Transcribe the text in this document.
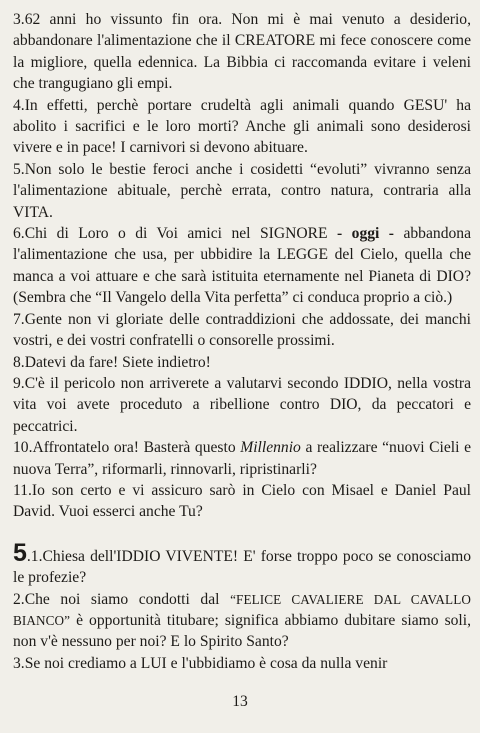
3.62 anni ho vissunto fin ora. Non mi è mai venuto a desiderio, abbandonare l'alimentazione che il CREATORE mi fece conoscere come la migliore, quella edennica. La Bibbia ci raccomanda evitare i veleni che trangugiano gli empi.

4.In effetti, perchè portare crudeltà agli animali quando GESU' ha abolito i sacrifici e le loro morti? Anche gli animali sono desiderosi vivere e in pace! I carnivori si devono abituare.

5.Non solo le bestie feroci anche i cosidetti “evoluti” vivranno senza l'alimentazione abituale, perchè errata, contro natura, contraria alla VITA.

6.Chi di Loro o di Voi amici nel SIGNORE - oggi - abbandona l'alimentazione che usa, per ubbidire la LEGGE del Cielo, quella che manca a voi attuare e che sarà istituita eternamente nel Pianeta di DIO? (Sembra che “Il Vangelo della Vita perfetta” ci conduca proprio a ciò.)

7.Gente non vi gloriate delle contraddizioni che addossate, dei manchi vostri, e dei vostri confratelli o consorelle prossimi.

8.Datevi da fare! Siete indietro!

9.C'è il pericolo non arriverete a valutarvi secondo IDDIO, nella vostra vita voi avete proceduto a ribellione contro DIO, da peccatori e peccatrici.

10.Affrontatelo ora! Basterà questo Millennio a realizzare “nuovi Cieli e nuova Terra”, riformarli, rinnovarli, ripristinarli?

11.Io son certo e vi assicuro sarò in Cielo con Misael e Daniel Paul David. Vuoi esserci anche Tu?

5.1.Chiesa dell'IDDIO VIVENTE! E' forse troppo poco se conosciamo le profezie?

2.Che noi siamo condotti dal “FELICE CAVALIERE DAL CAVALLO BIANCO” è opportunità titubare; significa abbiamo dubitare siamo soli, non v'è nessuno per noi? E lo Spirito Santo?

3.Se noi crediamo a LUI e l'ubbidiamo è cosa da nulla venir

13
